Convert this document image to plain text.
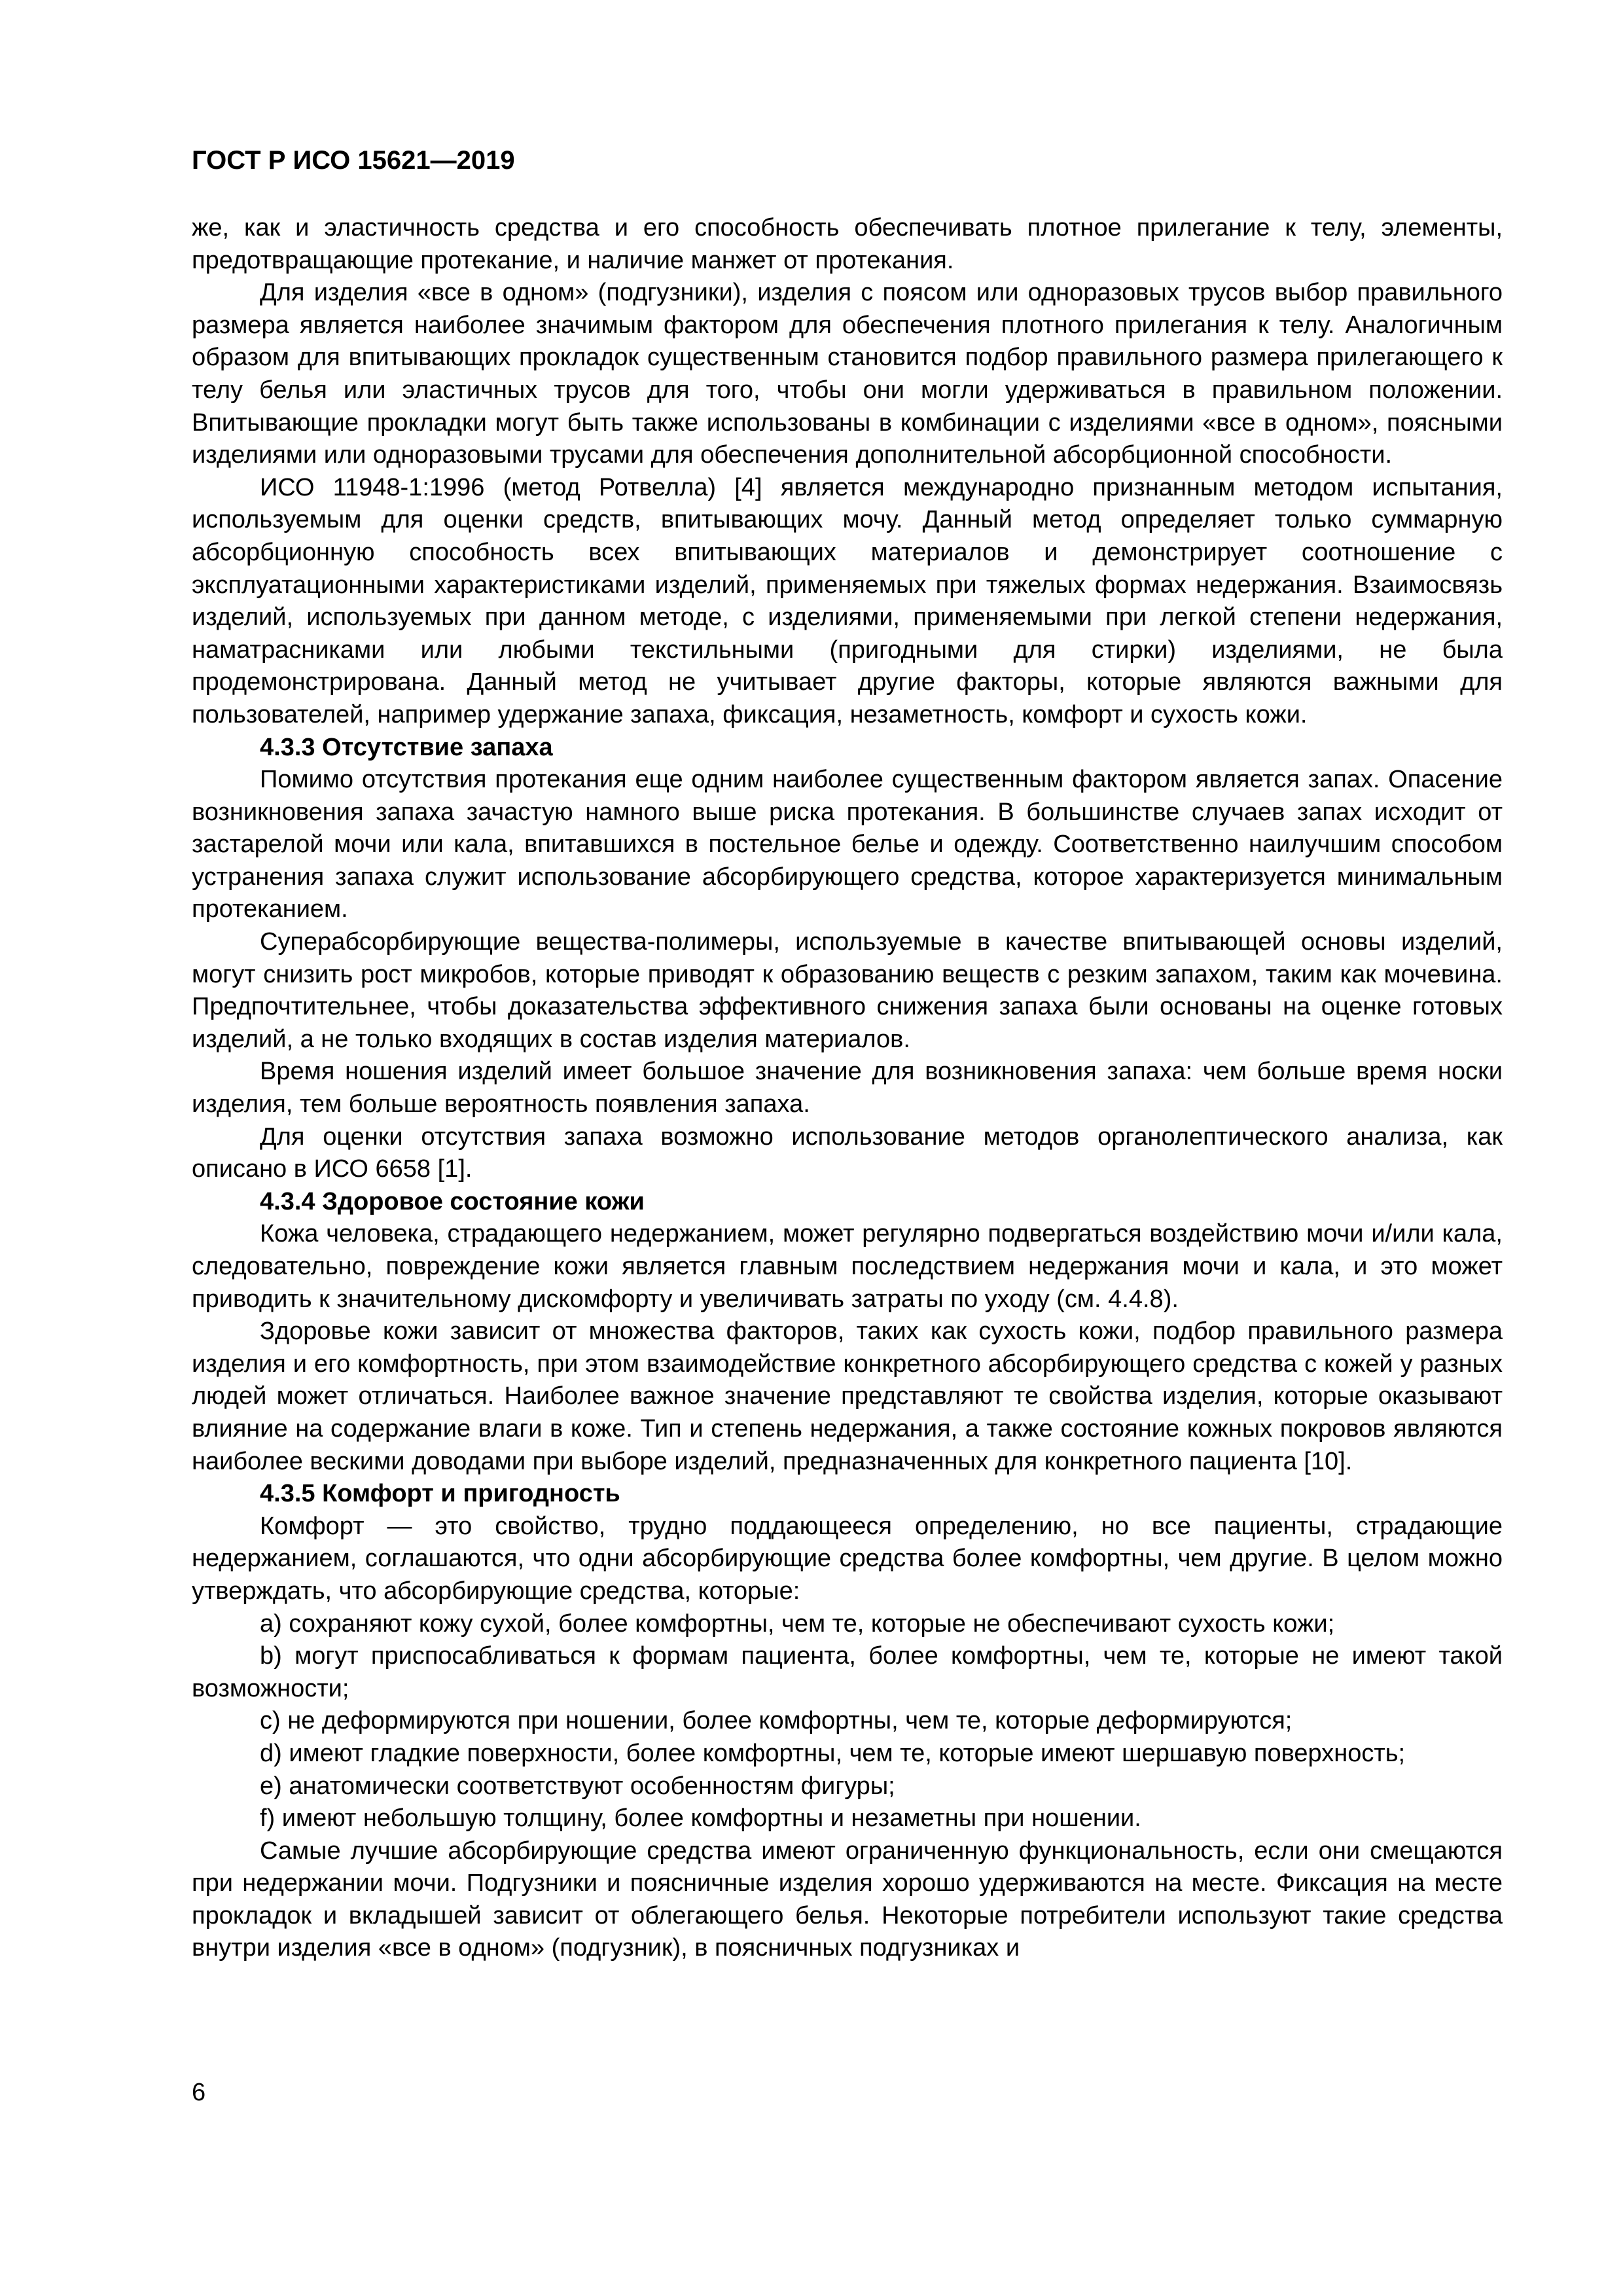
ГОСТ Р ИСО 15621—2019

же, как и эластичность средства и его способность обеспечивать плотное прилегание к телу, элементы, предотвращающие протекание, и наличие манжет от протекания.

Для изделия «все в одном» (подгузники), изделия с поясом или одноразовых трусов выбор правильного размера является наиболее значимым фактором для обеспечения плотного прилегания к телу. Аналогичным образом для впитывающих прокладок существенным становится подбор правильного размера прилегающего к телу белья или эластичных трусов для того, чтобы они могли удерживаться в правильном положении. Впитывающие прокладки могут быть также использованы в комбинации с изделиями «все в одном», поясными изделиями или одноразовыми трусами для обеспечения дополнительной абсорбционной способности.

ИСО 11948-1:1996 (метод Ротвелла) [4] является международно признанным методом испытания, используемым для оценки средств, впитывающих мочу. Данный метод определяет только суммарную абсорбционную способность всех впитывающих материалов и демонстрирует соотношение с эксплуатационными характеристиками изделий, применяемых при тяжелых формах недержания. Взаимосвязь изделий, используемых при данном методе, с изделиями, применяемыми при легкой степени недержания, наматрасниками или любыми текстильными (пригодными для стирки) изделиями, не была продемонстрирована. Данный метод не учитывает другие факторы, которые являются важными для пользователей, например удержание запаха, фиксация, незаметность, комфорт и сухость кожи.

4.3.3 Отсутствие запаха

Помимо отсутствия протекания еще одним наиболее существенным фактором является запах. Опасение возникновения запаха зачастую намного выше риска протекания. В большинстве случаев запах исходит от застарелой мочи или кала, впитавшихся в постельное белье и одежду. Соответственно наилучшим способом устранения запаха служит использование абсорбирующего средства, которое характеризуется минимальным протеканием.

Суперабсорбирующие вещества-полимеры, используемые в качестве впитывающей основы изделий, могут снизить рост микробов, которые приводят к образованию веществ с резким запахом, таким как мочевина. Предпочтительнее, чтобы доказательства эффективного снижения запаха были основаны на оценке готовых изделий, а не только входящих в состав изделия материалов.

Время ношения изделий имеет большое значение для возникновения запаха: чем больше время носки изделия, тем больше вероятность появления запаха.

Для оценки отсутствия запаха возможно использование методов органолептического анализа, как описано в ИСО 6658 [1].

4.3.4 Здоровое состояние кожи

Кожа человека, страдающего недержанием, может регулярно подвергаться воздействию мочи и/или кала, следовательно, повреждение кожи является главным последствием недержания мочи и кала, и это может приводить к значительному дискомфорту и увеличивать затраты по уходу (см. 4.4.8).

Здоровье кожи зависит от множества факторов, таких как сухость кожи, подбор правильного размера изделия и его комфортность, при этом взаимодействие конкретного абсорбирующего средства с кожей у разных людей может отличаться. Наиболее важное значение представляют те свойства изделия, которые оказывают влияние на содержание влаги в коже. Тип и степень недержания, а также состояние кожных покровов являются наиболее вескими доводами при выборе изделий, предназначенных для конкретного пациента [10].

4.3.5 Комфорт и пригодность

Комфорт — это свойство, трудно поддающееся определению, но все пациенты, страдающие недержанием, соглашаются, что одни абсорбирующие средства более комфортны, чем другие. В целом можно утверждать, что абсорбирующие средства, которые:

a) сохраняют кожу сухой, более комфортны, чем те, которые не обеспечивают сухость кожи;

b) могут приспосабливаться к формам пациента, более комфортны, чем те, которые не имеют такой возможности;

c) не деформируются при ношении, более комфортны, чем те, которые деформируются;

d) имеют гладкие поверхности, более комфортны, чем те, которые имеют шершавую поверхность;

e) анатомически соответствуют особенностям фигуры;

f) имеют небольшую толщину, более комфортны и незаметны при ношении.

Самые лучшие абсорбирующие средства имеют ограниченную функциональность, если они смещаются при недержании мочи. Подгузники и поясничные изделия хорошо удерживаются на месте. Фиксация на месте прокладок и вкладышей зависит от облегающего белья. Некоторые потребители используют такие средства внутри изделия «все в одном» (подгузник), в поясничных подгузниках и

6
